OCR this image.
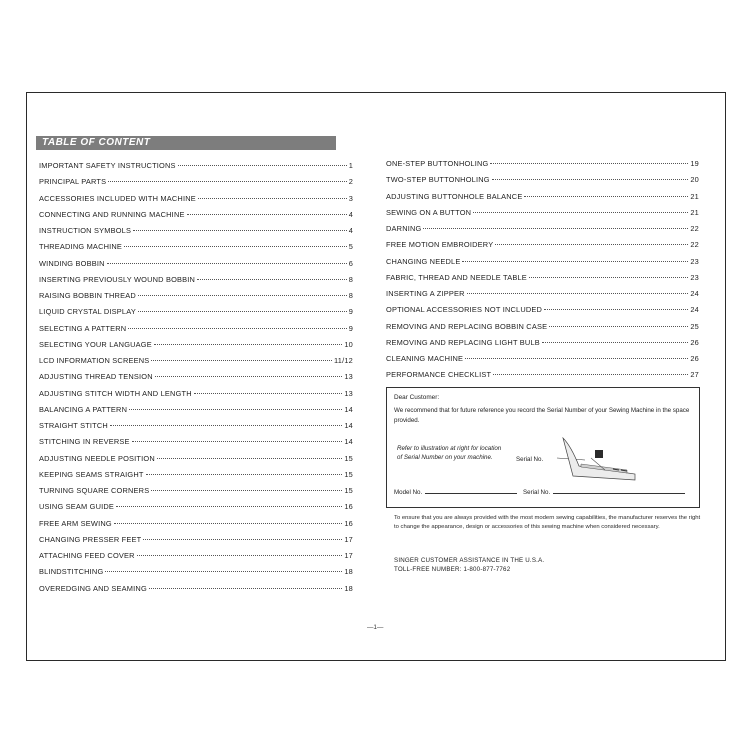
TABLE OF CONTENT
IMPORTANT SAFETY INSTRUCTIONS	1
PRINCIPAL PARTS	2
ACCESSORIES INCLUDED WITH MACHINE	3
CONNECTING AND RUNNING MACHINE	4
INSTRUCTION SYMBOLS	4
THREADING MACHINE	5
WINDING BOBBIN	6
INSERTING PREVIOUSLY WOUND BOBBIN	8
RAISING BOBBIN THREAD	8
LIQUID CRYSTAL DISPLAY	9
SELECTING A PATTERN	9
SELECTING YOUR LANGUAGE	10
LCD INFORMATION SCREENS	11/12
ADJUSTING THREAD TENSION	13
ADJUSTING STITCH WIDTH AND LENGTH	13
BALANCING A PATTERN	14
STRAIGHT STITCH	14
STITCHING IN REVERSE	14
ADJUSTING NEEDLE POSITION	15
KEEPING SEAMS STRAIGHT	15
TURNING SQUARE CORNERS	15
USING SEAM GUIDE	16
FREE ARM SEWING	16
CHANGING PRESSER FEET	17
ATTACHING FEED COVER	17
BLINDSTITCHING	18
OVEREDGING AND SEAMING	18
ONE-STEP BUTTONHOLING	19
TWO-STEP BUTTONHOLING	20
ADJUSTING BUTTONHOLE BALANCE	21
SEWING ON A BUTTON	21
DARNING	22
FREE MOTION EMBROIDERY	22
CHANGING NEEDLE	23
FABRIC, THREAD AND NEEDLE TABLE	23
INSERTING A ZIPPER	24
OPTIONAL ACCESSORIES NOT INCLUDED	24
REMOVING AND REPLACING BOBBIN CASE	25
REMOVING AND REPLACING LIGHT BULB	26
CLEANING MACHINE	26
PERFORMANCE CHECKLIST	27
Dear Customer:
We recommend that for future reference you record the Serial Number of your Sewing Machine in the space provided.
Refer to illustration at right for location of Serial Number on your machine.	Serial No.
Model No.	Serial No.
To ensure that you are always provided with the most modern sewing capabilities, the manufacturer reserves the right to change the appearance, design or accessories of this sewing machine when considered necessary.
SINGER CUSTOMER ASSISTANCE IN THE U.S.A.
TOLL-FREE NUMBER: 1-800-877-7762
—1—
